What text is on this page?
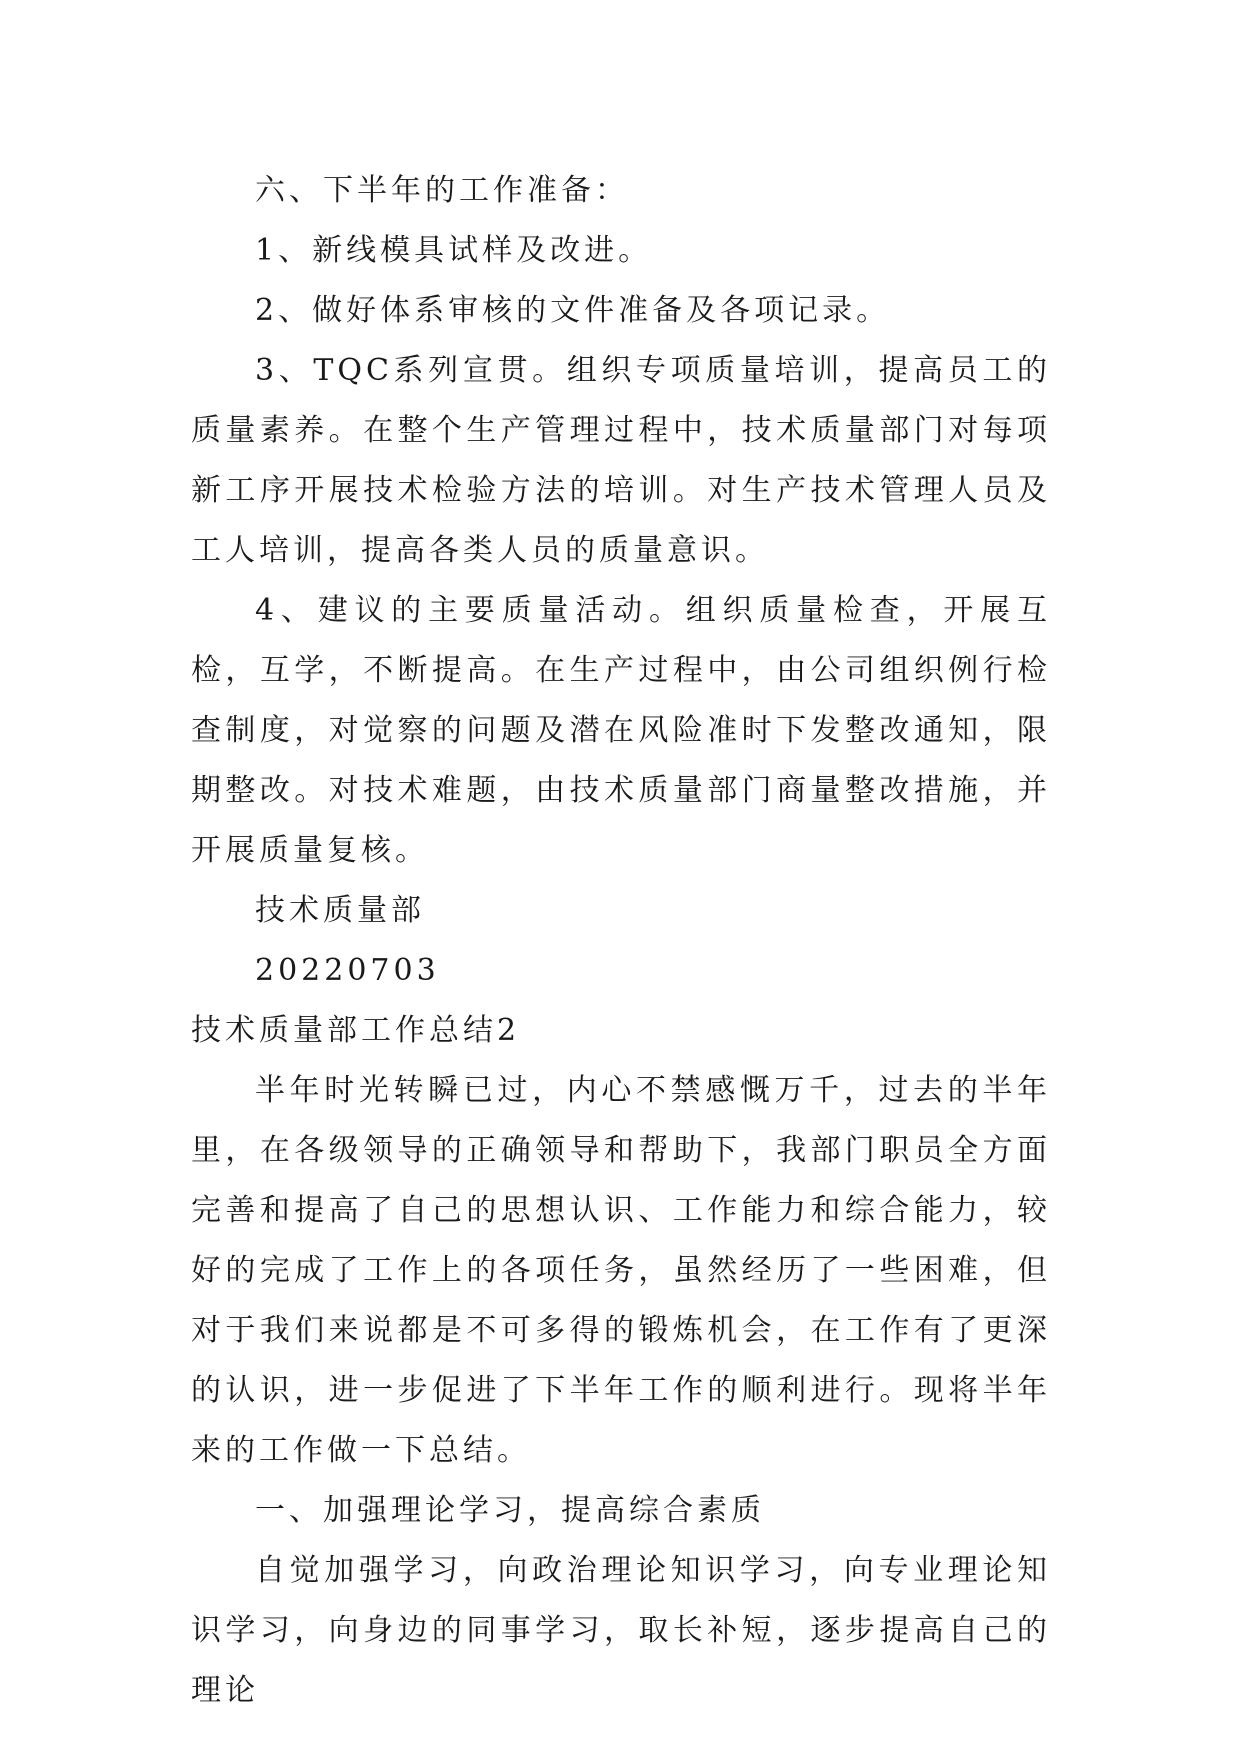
六、下半年的工作准备：

1、新线模具试样及改进。

2、做好体系审核的文件准备及各项记录。

3、TQC系列宣贯。组织专项质量培训，提高员工的质量素养。在整个生产管理过程中，技术质量部门对每项新工序开展技术检验方法的培训。对生产技术管理人员及工人培训，提高各类人员的质量意识。

4、建议的主要质量活动。组织质量检查，开展互检，互学，不断提高。在生产过程中，由公司组织例行检查制度，对觉察的问题及潜在风险准时下发整改通知，限期整改。对技术难题，由技术质量部门商量整改措施，并开展质量复核。

技术质量部

20220703

技术质量部工作总结2

半年时光转瞬已过，内心不禁感慨万千，过去的半年里，在各级领导的正确领导和帮助下，我部门职员全方面完善和提高了自己的思想认识、工作能力和综合能力，较好的完成了工作上的各项任务，虽然经历了一些困难，但对于我们来说都是不可多得的锻炼机会，在工作有了更深的认识，进一步促进了下半年工作的顺利进行。现将半年来的工作做一下总结。

一、加强理论学习，提高综合素质

自觉加强学习，向政治理论知识学习，向专业理论知识学习，向身边的同事学习，取长补短，逐步提高自己的理论
